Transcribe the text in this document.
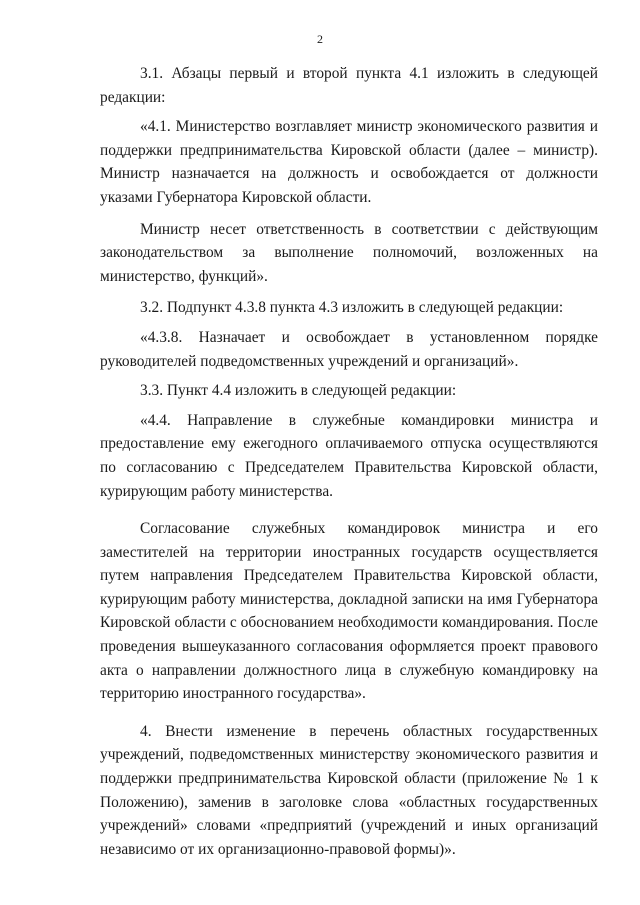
2

3.1. Абзацы первый и второй пункта 4.1 изложить в следующей редакции:

«4.1. Министерство возглавляет министр экономического развития и поддержки предпринимательства Кировской области (далее – министр). Министр назначается на должность и освобождается от должности указами Губернатора Кировской области.

Министр несет ответственность в соответствии с действующим законодательством за выполнение полномочий, возложенных на министерство, функций».

3.2. Подпункт 4.3.8 пункта 4.3 изложить в следующей редакции:

«4.3.8. Назначает и освобождает в установленном порядке руководителей подведомственных учреждений и организаций».

3.3. Пункт 4.4 изложить в следующей редакции:

«4.4. Направление в служебные командировки министра и предоставление ему ежегодного оплачиваемого отпуска осуществляются по согласованию с Председателем Правительства Кировской области, курирующим работу министерства.

Согласование служебных командировок министра и его заместителей на территории иностранных государств осуществляется путем направления Председателем Правительства Кировской области, курирующим работу министерства, докладной записки на имя Губернатора Кировской области с обоснованием необходимости командирования. После проведения вышеуказанного согласования оформляется проект правового акта о направлении должностного лица в служебную командировку на территорию иностранного государства».

4. Внести изменение в перечень областных государственных учреждений, подведомственных министерству экономического развития и поддержки предпринимательства Кировской области (приложение № 1 к Положению), заменив в заголовке слова «областных государственных учреждений» словами «предприятий (учреждений и иных организаций независимо от их организационно-правовой формы)».
